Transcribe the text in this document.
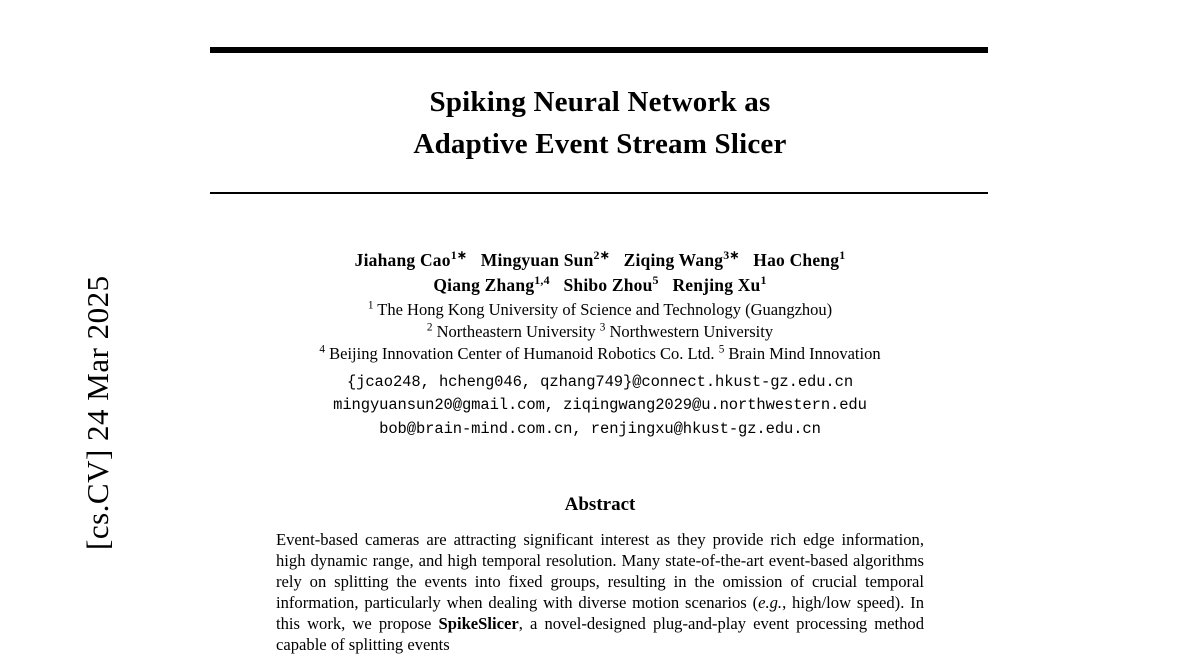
[cs.CV] 24 Mar 2025
Spiking Neural Network as
Adaptive Event Stream Slicer
Jiahang Cao$^{1∗}$ Mingyuan Sun$^{2∗}$ Ziqing Wang$^{3∗}$ Hao Cheng$^1$
Qiang Zhang$^{1,4}$ Shibo Zhou$^5$ Renjing Xu$^1$
$^1$ The Hong Kong University of Science and Technology (Guangzhou)
$^2$ Northeastern University $^3$ Northwestern University
$^4$ Beijing Innovation Center of Humanoid Robotics Co. Ltd. $^5$ Brain Mind Innovation
{jcao248, hcheng046, qzhang749}@connect.hkust-gz.edu.cn
mingyuansun20@gmail.com, ziqingwang2029@u.northwestern.edu
bob@brain-mind.com.cn, renjingxu@hkust-gz.edu.cn
Abstract
Event-based cameras are attracting significant interest as they provide rich edge information, high dynamic range, and high temporal resolution. Many state-of-the-art event-based algorithms rely on splitting the events into fixed groups, resulting in the omission of crucial temporal information, particularly when dealing with diverse motion scenarios (e.g., high/low speed). In this work, we propose SpikeSlicer, a novel-designed plug-and-play event processing method capable of splitting events
